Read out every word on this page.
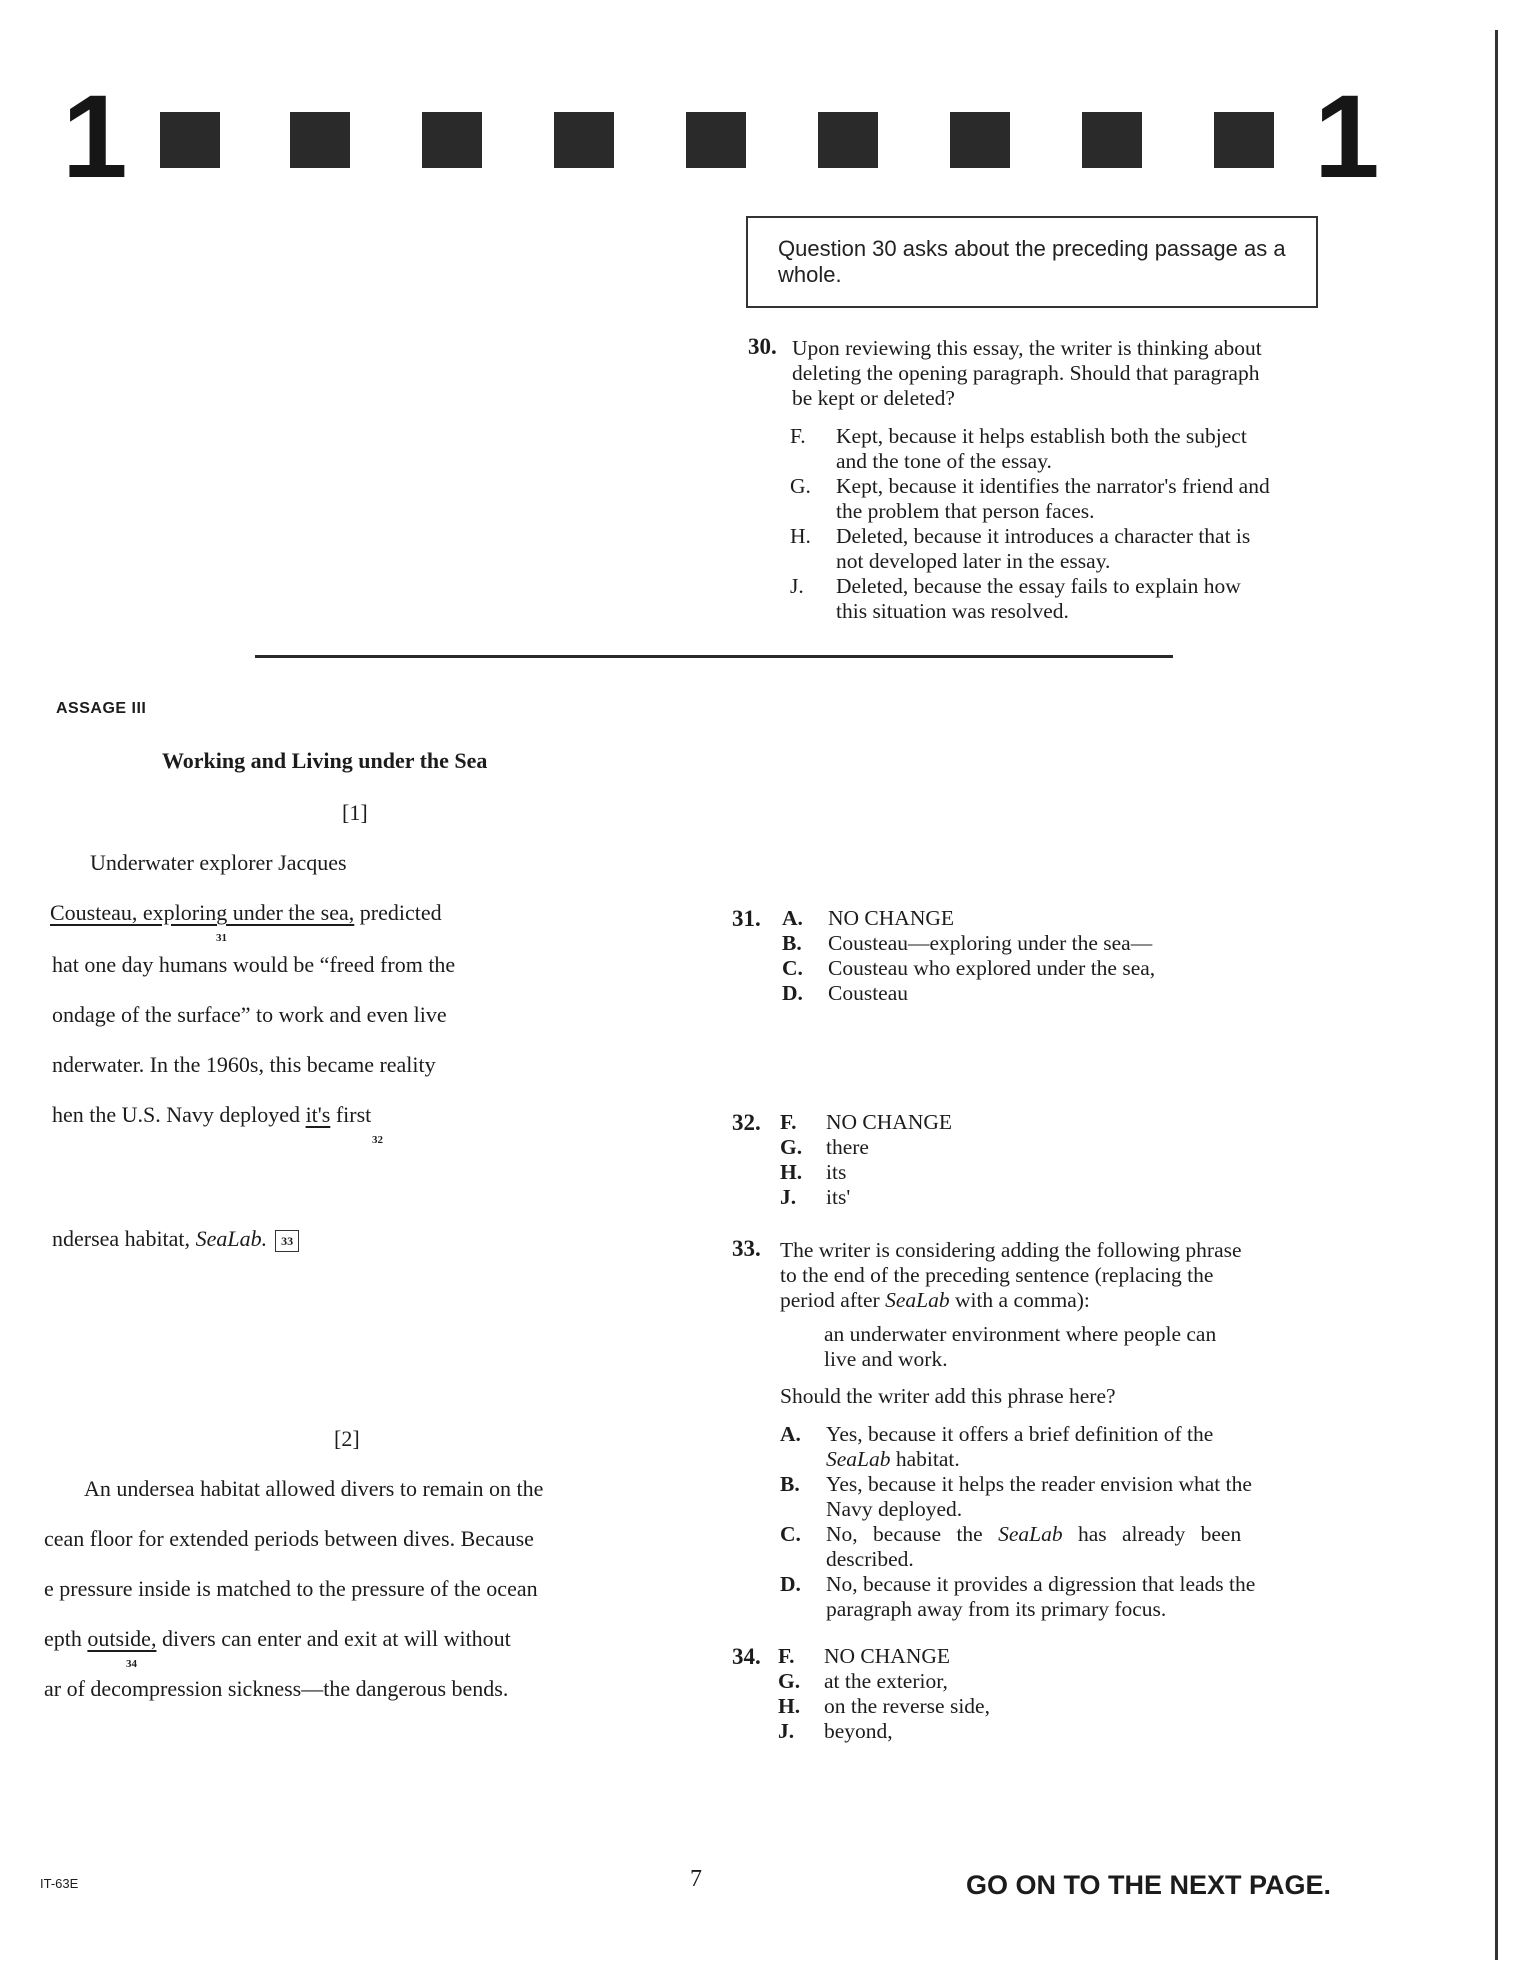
1	1
Question 30 asks about the preceding passage as a whole.
30. Upon reviewing this essay, the writer is thinking about
deleting the opening paragraph. Should that paragraph
be kept or deleted?
F.	Kept, because it helps establish both the subject
and the tone of the essay.
G.	Kept, because it identifies the narrator's friend and
the problem that person faces.
H.	Deleted, because it introduces a character that is
not developed later in the essay.
J.	Deleted, because the essay fails to explain how
this situation was resolved.
ASSAGE III
Working and Living under the Sea
[1]
Underwater explorer Jacques
Cousteau, exploring under the sea, predicted
31
hat one day humans would be “freed from the
ondage of the surface” to work and even live
nderwater. In the 1960s, this became reality
hen the U.S. Navy deployed it's first
32
ndersea habitat, SeaLab. 33
[2]
An undersea habitat allowed divers to remain on the
cean floor for extended periods between dives. Because
e pressure inside is matched to the pressure of the ocean
epth outside, divers can enter and exit at will without
34
ar of decompression sickness—the dangerous bends.
31. A.	NO CHANGE
B.	Cousteau—exploring under the sea—
C.	Cousteau who explored under the sea,
D.	Cousteau
32. F.	NO CHANGE
G.	there
H.	its
J.	its'
33. The writer is considering adding the following phrase
to the end of the preceding sentence (replacing the
period after SeaLab with a comma):
an underwater environment where people can
live and work.
Should the writer add this phrase here?
A.	Yes, because it offers a brief definition of the
SeaLab habitat.
B.	Yes, because it helps the reader envision what the
Navy deployed.
C.	No, because the SeaLab has already been
described.
D.	No, because it provides a digression that leads the
paragraph away from its primary focus.
34. F.	NO CHANGE
G.	at the exterior,
H.	on the reverse side,
J.	beyond,
IT-63E	7	GO ON TO THE NEXT PAGE.
